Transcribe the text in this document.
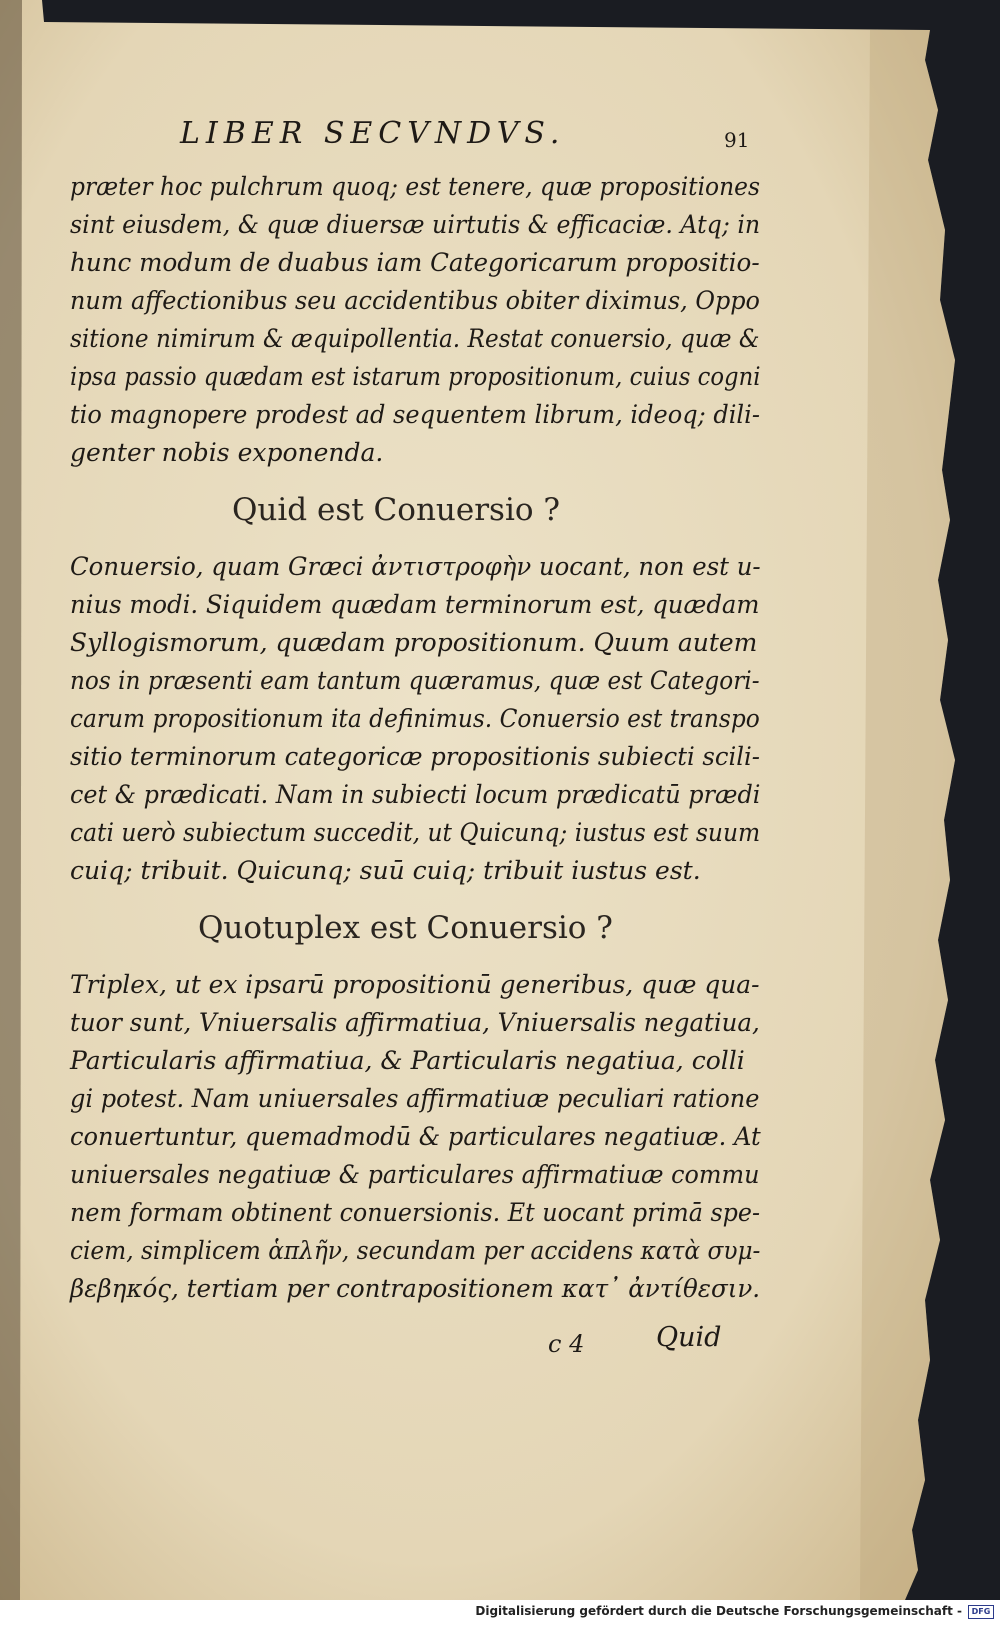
LIBER SECVNDVS.	91
præter hoc pulchrum quoq; est tenere, quæ propositiones
sint eiusdem, & quæ diuersæ uirtutis & efficaciæ. Atq; in
hunc modum de duabus iam Categoricarum propositio-
num affectionibus seu accidentibus obiter diximus, Oppo
sitione nimirum & æquipollentia. Restat conuersio, quæ &
ipsa passio quædam est istarum propositionum, cuius cogni
tio magnopere prodest ad sequentem librum, ideoq; dili-
genter nobis exponenda.
Quid est Conuersio ?
Conuersio, quam Græci ἀντιστροφὴν uocant, non est u-
nius modi. Siquidem quædam terminorum est, quædam
Syllogismorum, quædam propositionum. Quum autem
nos in præsenti eam tantum quæramus, quæ est Categori-
carum propositionum ita definimus. Conuersio est transpo
sitio terminorum categoricæ propositionis subiecti scili-
cet & prædicati. Nam in subiecti locum prædicatū prædi
cati uerò subiectum succedit, ut Quicunq; iustus est suum
cuiq; tribuit. Quicunq; suū cuiq; tribuit iustus est.
Quotuplex est Conuersio ?
Triplex, ut ex ipsarū propositionū generibus, quæ qua-
tuor sunt, Vniuersalis affirmatiua, Vniuersalis negatiua,
Particularis affirmatiua, & Particularis negatiua, colli
gi potest. Nam uniuersales affirmatiuæ peculiari ratione
conuertuntur, quemadmodū & particulares negatiuæ. At
uniuersales negatiuæ & particulares affirmatiuæ commu
nem formam obtinent conuersionis. Et uocant primā spe-
ciem, simplicem ἁπλῆν, secundam per accidens κατὰ συμ-
βεβηκός, tertiam per contrapositionem κατ᾽ ἀντίθεσιν.
c 4	Quid
Digitalisierung gefördert durch die Deutsche Forschungsgemeinschaft -	DFG
